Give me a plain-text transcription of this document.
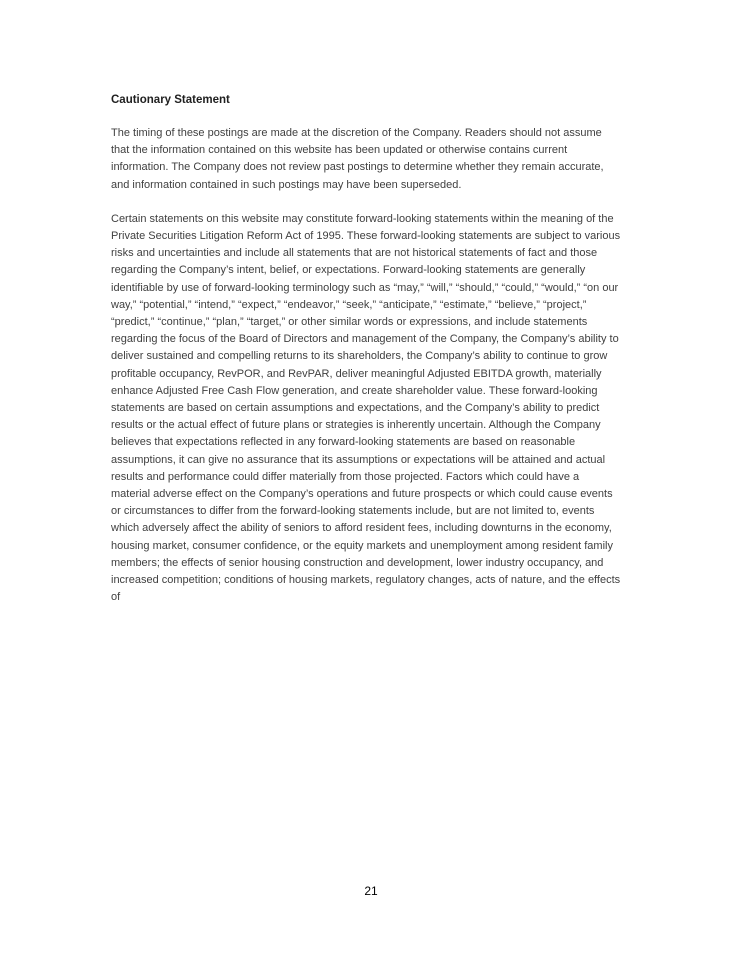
Cautionary Statement

The timing of these postings are made at the discretion of the Company. Readers should not assume that the information contained on this website has been updated or otherwise contains current information. The Company does not review past postings to determine whether they remain accurate, and information contained in such postings may have been superseded.

Certain statements on this website may constitute forward-looking statements within the meaning of the Private Securities Litigation Reform Act of 1995. These forward-looking statements are subject to various risks and uncertainties and include all statements that are not historical statements of fact and those regarding the Company’s intent, belief, or expectations. Forward-looking statements are generally identifiable by use of forward-looking terminology such as “may,” “will,” “should,” “could,” “would,” “on our way,” “potential,” “intend,” “expect,” “endeavor,” “seek,” “anticipate,” “estimate,” “believe,” “project,” “predict,” “continue,” “plan,” “target,” or other similar words or expressions, and include statements regarding the focus of the Board of Directors and management of the Company, the Company’s ability to deliver sustained and compelling returns to its shareholders, the Company’s ability to continue to grow profitable occupancy, RevPOR, and RevPAR, deliver meaningful Adjusted EBITDA growth, materially enhance Adjusted Free Cash Flow generation, and create shareholder value. These forward-looking statements are based on certain assumptions and expectations, and the Company’s ability to predict results or the actual effect of future plans or strategies is inherently uncertain. Although the Company believes that expectations reflected in any forward-looking statements are based on reasonable assumptions, it can give no assurance that its assumptions or expectations will be attained and actual results and performance could differ materially from those projected. Factors which could have a material adverse effect on the Company’s operations and future prospects or which could cause events or circumstances to differ from the forward-looking statements include, but are not limited to, events which adversely affect the ability of seniors to afford resident fees, including downturns in the economy, housing market, consumer confidence, or the equity markets and unemployment among resident family members; the effects of senior housing construction and development, lower industry occupancy, and increased competition; conditions of housing markets, regulatory changes, acts of nature, and the effects of

21
